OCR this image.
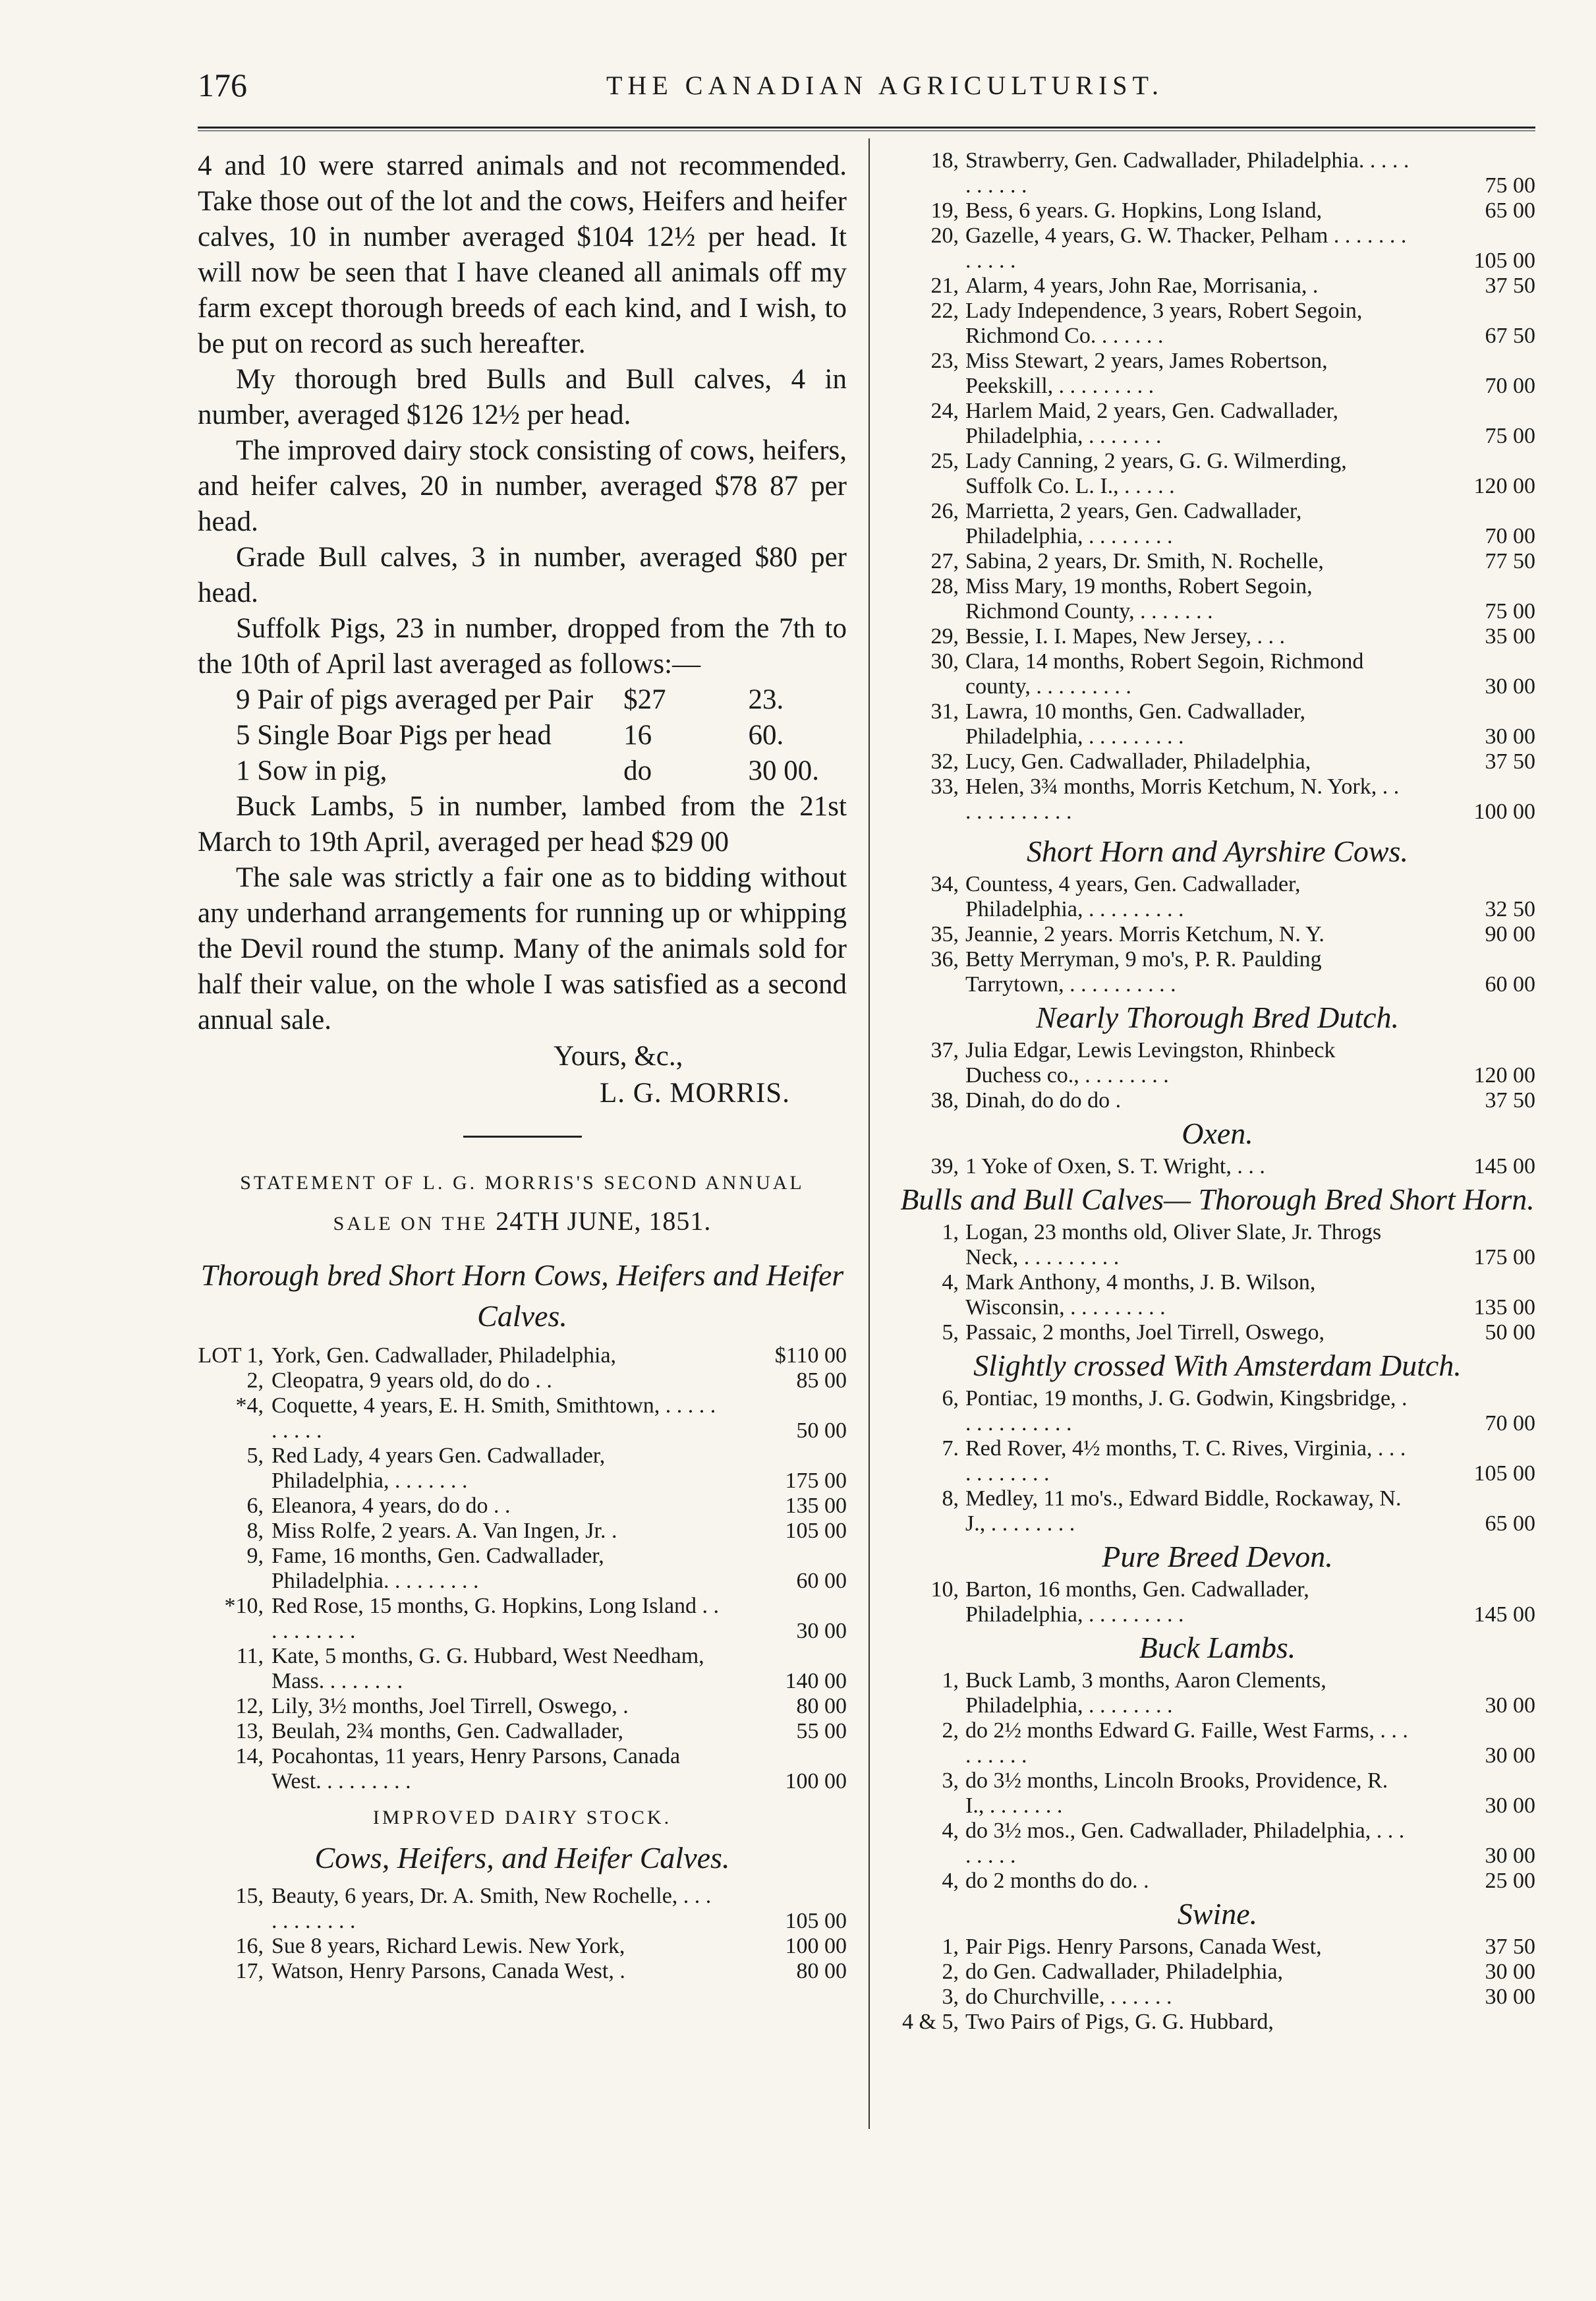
176	THE CANADIAN AGRICULTURIST.

4 and 10 were starred animals and not recommended. Take those out of the lot and the cows, Heifers and heifer calves, 10 in number averaged $104 12½ per head. It will now be seen that I have cleaned all animals off my farm except thorough breeds of each kind, and I wish, to be put on record as such hereafter.

My thorough bred Bulls and Bull calves, 4 in number, averaged $126 12½ per head.

The improved dairy stock consisting of cows, heifers, and heifer calves, 20 in number, averaged $78 87 per head.

Grade Bull calves, 3 in number, averaged $80 per head.

Suffolk Pigs, 23 in number, dropped from the 7th to the 10th of April last averaged as follows:—

9 Pair of pigs averaged per Pair	$27	23.
5 Single Boar Pigs per head	16	60.
1 Sow in pig,	do	30 00.

Buck Lambs, 5 in number, lambed from the 21st March to 19th April, averaged per head $29 00

The sale was strictly a fair one as to bidding without any underhand arrangements for running up or whipping the Devil round the stump. Many of the animals sold for half their value, on the whole I was satisfied as a second annual sale.

Yours, &c.,
L. G. MORRIS.
STATEMENT OF L. G. MORRIS'S SECOND ANNUAL
SALE ON THE 24TH JUNE, 1851.

Thorough bred Short Horn Cows, Heifers and Heifer Calves.

LOT 1, York, Gen. Cadwallader, Philadelphia,	$110 00
2, Cleopatra, 9 years old, do do . .	85 00
*4, Coquette, 4 years, E. H. Smith, Smithtown, . . . . . . . . . .	50 00
5, Red Lady, 4 years Gen. Cadwallader, Philadelphia, . . . . . . .	175 00
6, Eleanora, 4 years, do do . .	135 00
8, Miss Rolfe, 2 years. A. Van Ingen, Jr. .	105 00
9, Fame, 16 months, Gen. Cadwallader, Philadelphia. . . . . . . . .	60 00
*10, Red Rose, 15 months, G. Hopkins, Long Island . . . . . . . . . .	30 00
11, Kate, 5 months, G. G. Hubbard, West Needham, Mass. . . . . . . .	140 00
12, Lily, 3½ months, Joel Tirrell, Oswego, .	80 00
13, Beulah, 2¾ months, Gen. Cadwallader,	55 00
14, Pocahontas, 11 years, Henry Parsons, Canada West. . . . . . . . .	100 00
IMPROVED DAIRY STOCK.

Cows, Heifers, and Heifer Calves.

15, Beauty, 6 years, Dr. A. Smith, New Rochelle, . . . . . . . . . . .	105 00
16, Sue 8 years, Richard Lewis. New York,	100 00
17, Watson, Henry Parsons, Canada West, .	80 00
18, Strawberry, Gen. Cadwallader, Philadelphia. . . . . . . . . . .	75 00
19, Bess, 6 years. G. Hopkins, Long Island,	65 00
20, Gazelle, 4 years, G. W. Thacker, Pelham . . . . . . . . . . . .	105 00
21, Alarm, 4 years, John Rae, Morrisania, .	37 50
22, Lady Independence, 3 years, Robert Segoin, Richmond Co. . . . . . .	67 50
23, Miss Stewart, 2 years, James Robertson, Peekskill, . . . . . . . . .	70 00
24, Harlem Maid, 2 years, Gen. Cadwallader, Philadelphia, . . . . . . .	75 00
25, Lady Canning, 2 years, G. G. Wilmerding, Suffolk Co. L. I., . . . . .	120 00
26, Marrietta, 2 years, Gen. Cadwallader, Philadelphia, . . . . . . . .	70 00
27, Sabina, 2 years, Dr. Smith, N. Rochelle,	77 50
28, Miss Mary, 19 months, Robert Segoin, Richmond County, . . . . . . .	75 00
29, Bessie, I. I. Mapes, New Jersey, . . .	35 00
30, Clara, 14 months, Robert Segoin, Richmond county, . . . . . . . . .	30 00
31, Lawra, 10 months, Gen. Cadwallader, Philadelphia, . . . . . . . . .	30 00
32, Lucy, Gen. Cadwallader, Philadelphia,	37 50
33, Helen, 3¾ months, Morris Ketchum, N. York, . . . . . . . . . . . .	100 00

Short Horn and Ayrshire Cows.

34, Countess, 4 years, Gen. Cadwallader, Philadelphia, . . . . . . . . .	32 50
35, Jeannie, 2 years. Morris Ketchum, N. Y.	90 00
36, Betty Merryman, 9 mo's, P. R. Paulding Tarrytown, . . . . . . . . . .	60 00

Nearly Thorough Bred Dutch.

37, Julia Edgar, Lewis Levingston, Rhinbeck Duchess co., . . . . . . . .	120 00
38, Dinah, do do do .	37 50

Oxen.

39, 1 Yoke of Oxen, S. T. Wright, . . .	145 00

Bulls and Bull Calves— Thorough Bred Short Horn.

1, Logan, 23 months old, Oliver Slate, Jr. Throgs Neck, . . . . . . . . .	175 00
4, Mark Anthony, 4 months, J. B. Wilson, Wisconsin, . . . . . . . . .	135 00
5, Passaic, 2 months, Joel Tirrell, Oswego,	50 00

Slightly crossed With Amsterdam Dutch.

6, Pontiac, 19 months, J. G. Godwin, Kingsbridge, . . . . . . . . . . .	70 00
7. Red Rover, 4½ months, T. C. Rives, Virginia, . . . . . . . . . . .	105 00
8, Medley, 11 mo's., Edward Biddle, Rockaway, N. J., . . . . . . . .	65 00

Pure Breed Devon.

10, Barton, 16 months, Gen. Cadwallader, Philadelphia, . . . . . . . . .	145 00

Buck Lambs.

1, Buck Lamb, 3 months, Aaron Clements, Philadelphia, . . . . . . . .	30 00
2, do 2½ months Edward G. Faille, West Farms, . . . . . . . . .	30 00
3, do 3½ months, Lincoln Brooks, Providence, R. I., . . . . . . .	30 00
4, do 3½ mos., Gen. Cadwallader, Philadelphia, . . . . . . . .	30 00
4, do 2 months do do. .	25 00

Swine.

1, Pair Pigs. Henry Parsons, Canada West,	37 50
2, do Gen. Cadwallader, Philadelphia,	30 00
3, do Churchville, . . . . . .	30 00
4 & 5, Two Pairs of Pigs, G. G. Hubbard,
